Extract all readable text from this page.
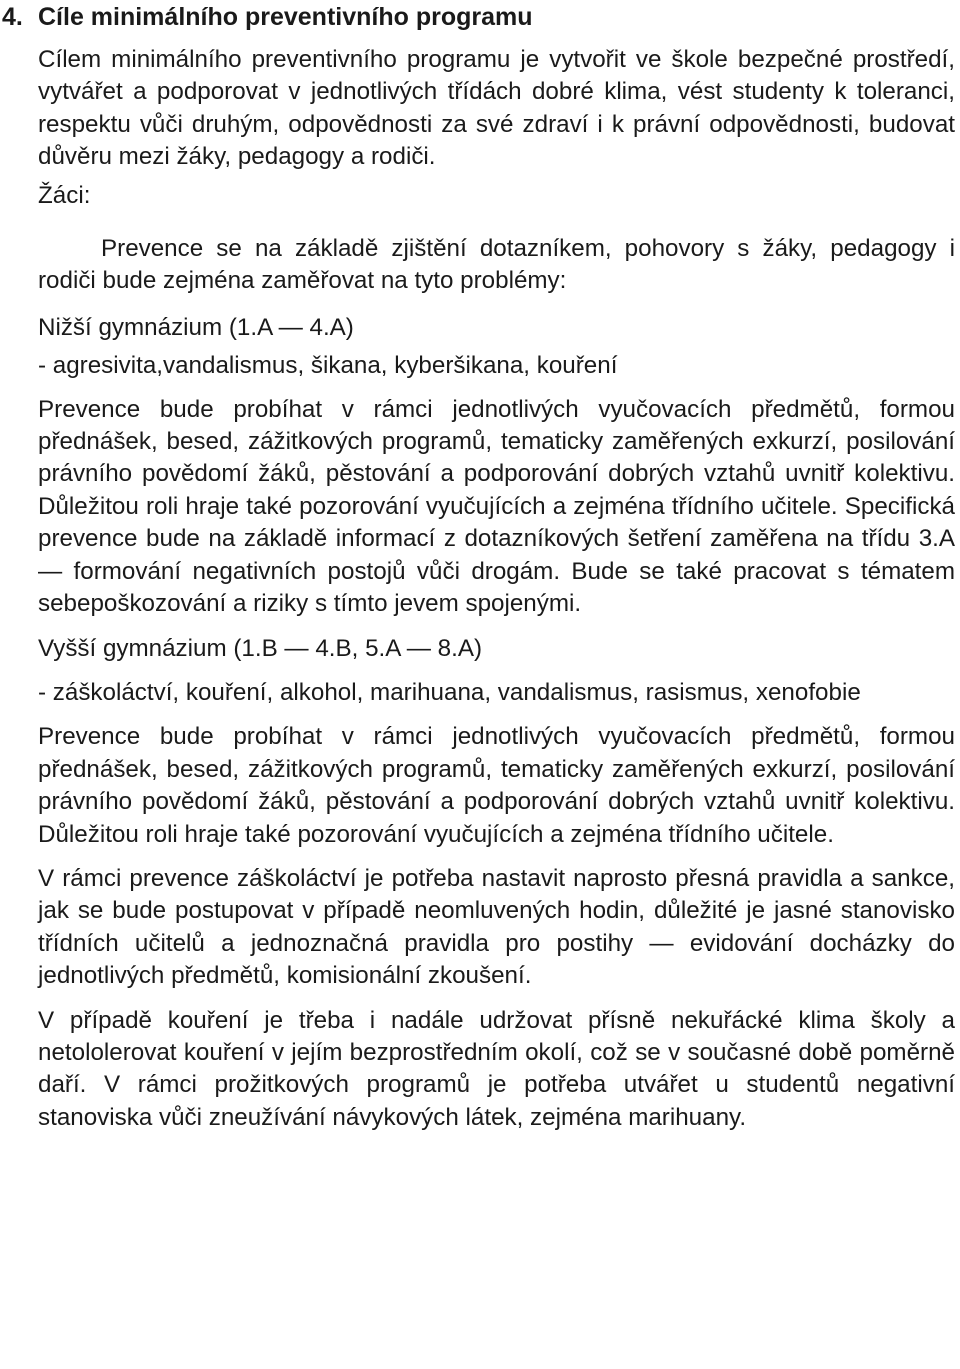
4. Cíle minimálního preventivního programu

Cílem minimálního preventivního programu je vytvořit ve škole bezpečné prostředí, vytvářet a podporovat v jednotlivých třídách dobré klima, vést studenty k toleranci, respektu vůči druhým, odpovědnosti za své zdraví i k právní odpovědnosti, budovat důvěru mezi žáky, pedagogy a rodiči.

Žáci:

Prevence se na základě zjištění dotazníkem, pohovory s žáky, pedagogy i rodiči bude zejména zaměřovat na tyto problémy:

Nižší gymnázium (1.A — 4.A)

- agresivita,vandalismus, šikana, kyberšikana, kouření

Prevence bude probíhat v rámci jednotlivých vyučovacích předmětů, formou přednášek, besed, zážitkových programů, tematicky zaměřených exkurzí, posilování právního povědomí žáků, pěstování a podporování dobrých vztahů uvnitř kolektivu. Důležitou roli hraje také pozorování vyučujících a zejména třídního učitele. Specifická prevence bude na základě informací z dotazníkových šetření zaměřena na třídu 3.A — formování negativních postojů vůči drogám. Bude se také pracovat s tématem sebepoškozování a riziky s tímto jevem spojenými.

Vyšší gymnázium (1.B — 4.B, 5.A — 8.A)

- záškoláctví, kouření, alkohol, marihuana, vandalismus, rasismus, xenofobie

Prevence bude probíhat v rámci jednotlivých vyučovacích předmětů, formou přednášek, besed, zážitkových programů, tematicky zaměřených exkurzí, posilování právního povědomí žáků, pěstování a podporování dobrých vztahů uvnitř kolektivu. Důležitou roli hraje také pozorování vyučujících a zejména třídního učitele.

V rámci prevence záškoláctví je potřeba nastavit naprosto přesná pravidla a sankce, jak se bude postupovat v případě neomluvených hodin, důležité je jasné stanovisko třídních učitelů a jednoznačná pravidla pro postihy — evidování docházky do jednotlivých předmětů, komisionální zkoušení.

V případě kouření je třeba i nadále udržovat přísně nekuřácké klima školy a netololerovat kouření v jejím bezprostředním okolí, což se v současné době poměrně daří. V rámci prožitkových programů je potřeba utvářet u studentů negativní stanoviska vůči zneužívání návykových látek, zejména marihuany.
